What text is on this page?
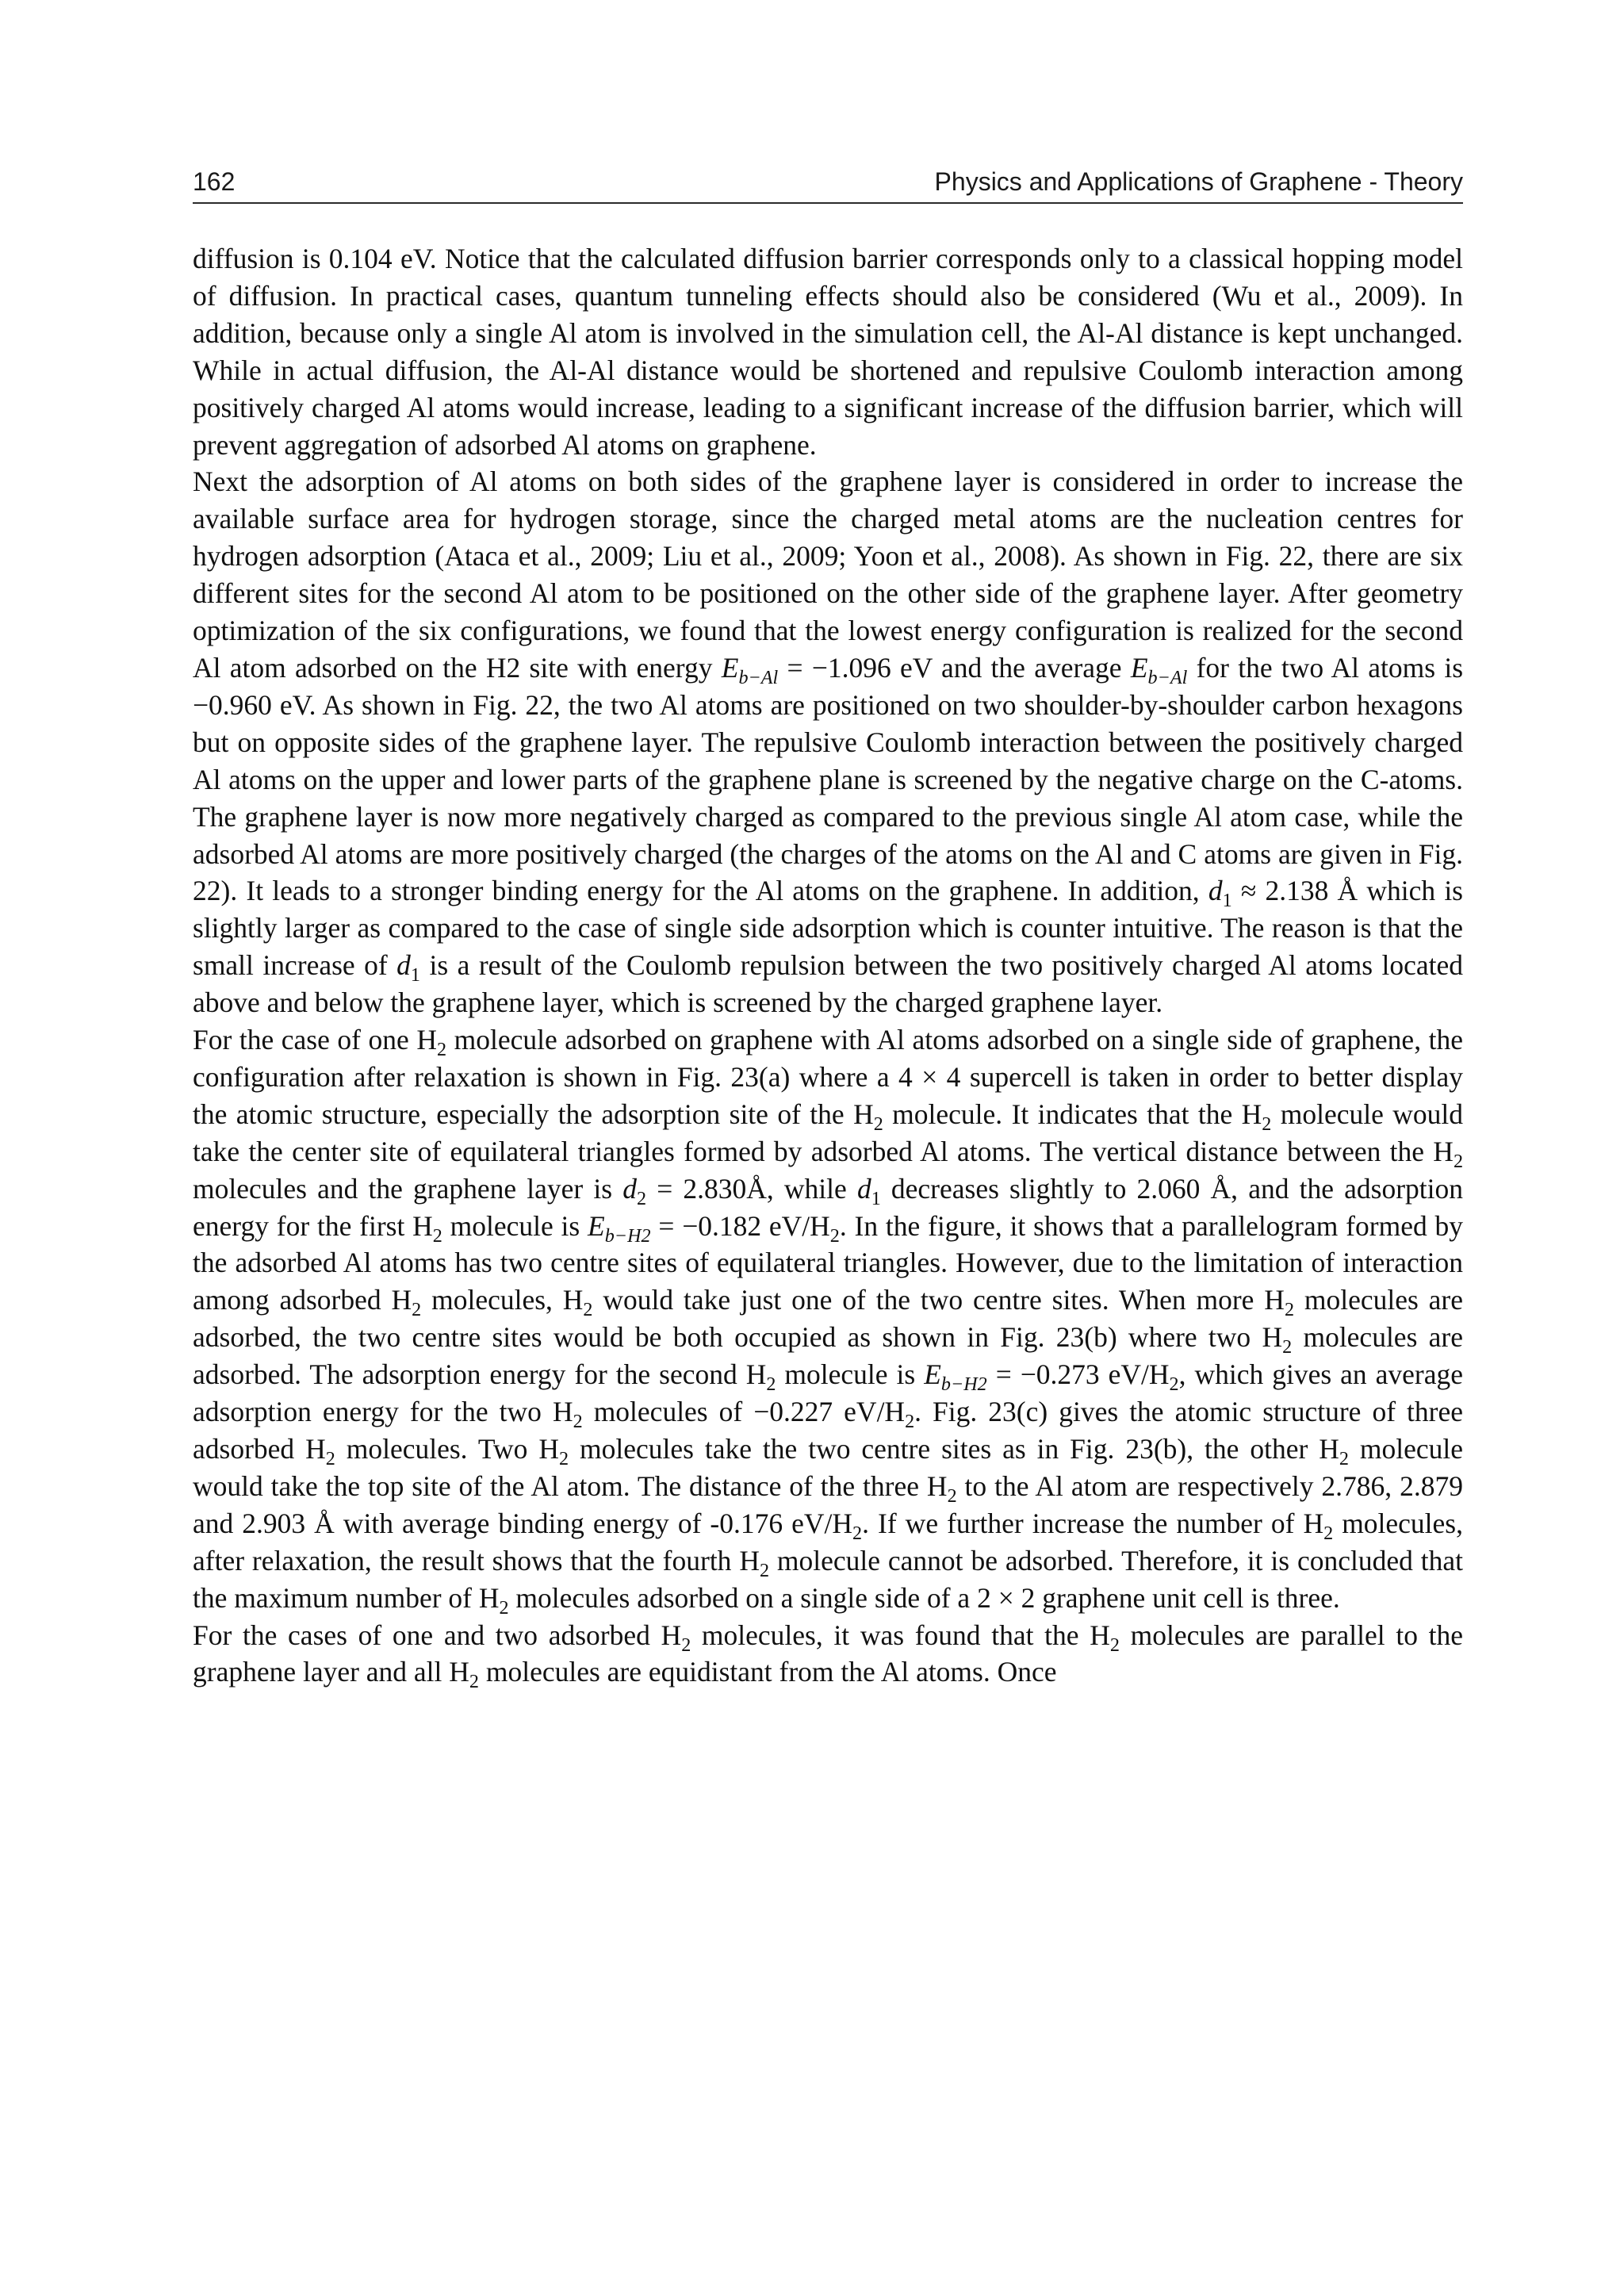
162	Physics and Applications of Graphene - Theory

diffusion is 0.104 eV. Notice that the calculated diffusion barrier corresponds only to a classical hopping model of diffusion. In practical cases, quantum tunneling effects should also be considered (Wu et al., 2009). In addition, because only a single Al atom is involved in the simulation cell, the Al-Al distance is kept unchanged. While in actual diffusion, the Al-Al distance would be shortened and repulsive Coulomb interaction among positively charged Al atoms would increase, leading to a significant increase of the diffusion barrier, which will prevent aggregation of adsorbed Al atoms on graphene.

Next the adsorption of Al atoms on both sides of the graphene layer is considered in order to increase the available surface area for hydrogen storage, since the charged metal atoms are the nucleation centres for hydrogen adsorption (Ataca et al., 2009; Liu et al., 2009; Yoon et al., 2008). As shown in Fig. 22, there are six different sites for the second Al atom to be positioned on the other side of the graphene layer. After geometry optimization of the six configurations, we found that the lowest energy configuration is realized for the second Al atom adsorbed on the H2 site with energy $E_{b-Al} = -1.096$ eV and the average $E_{b-Al}$ for the two Al atoms is −0.960 eV. As shown in Fig. 22, the two Al atoms are positioned on two shoulder-by-shoulder carbon hexagons but on opposite sides of the graphene layer. The repulsive Coulomb interaction between the positively charged Al atoms on the upper and lower parts of the graphene plane is screened by the negative charge on the C-atoms. The graphene layer is now more negatively charged as compared to the previous single Al atom case, while the adsorbed Al atoms are more positively charged (the charges of the atoms on the Al and C atoms are given in Fig. 22). It leads to a stronger binding energy for the Al atoms on the graphene. In addition, $d_1 \approx 2.138$ Å which is slightly larger as compared to the case of single side adsorption which is counter intuitive. The reason is that the small increase of $d_1$ is a result of the Coulomb repulsion between the two positively charged Al atoms located above and below the graphene layer, which is screened by the charged graphene layer.

For the case of one $H_2$ molecule adsorbed on graphene with Al atoms adsorbed on a single side of graphene, the configuration after relaxation is shown in Fig. 23(a) where a 4 × 4 supercell is taken in order to better display the atomic structure, especially the adsorption site of the $H_2$ molecule. It indicates that the $H_2$ molecule would take the center site of equilateral triangles formed by adsorbed Al atoms. The vertical distance between the $H_2$ molecules and the graphene layer is $d_2$ = 2.830Å, while $d_1$ decreases slightly to 2.060 Å, and the adsorption energy for the first $H_2$ molecule is $E_{b-H2} = -0.182$ $eV/H_2$. In the figure, it shows that a parallelogram formed by the adsorbed Al atoms has two centre sites of equilateral triangles. However, due to the limitation of interaction among adsorbed $H_2$ molecules, $H_2$ would take just one of the two centre sites. When more $H_2$ molecules are adsorbed, the two centre sites would be both occupied as shown in Fig. 23(b) where two $H_2$ molecules are adsorbed. The adsorption energy for the second $H_2$ molecule is $E_{b-H2} = -0.273$ $eV/H_2$, which gives an average adsorption energy for the two $H_2$ molecules of −0.227 $eV/H_2$. Fig. 23(c) gives the atomic structure of three adsorbed $H_2$ molecules. Two $H_2$ molecules take the two centre sites as in Fig. 23(b), the other $H_2$ molecule would take the top site of the Al atom. The distance of the three $H_2$ to the Al atom are respectively 2.786, 2.879 and 2.903 Å with average binding energy of -0.176 $eV/H_2$. If we further increase the number of $H_2$ molecules, after relaxation, the result shows that the fourth $H_2$ molecule cannot be adsorbed. Therefore, it is concluded that the maximum number of $H_2$ molecules adsorbed on a single side of a 2 × 2 graphene unit cell is three.

For the cases of one and two adsorbed $H_2$ molecules, it was found that the $H_2$ molecules are parallel to the graphene layer and all $H_2$ molecules are equidistant from the Al atoms. Once
